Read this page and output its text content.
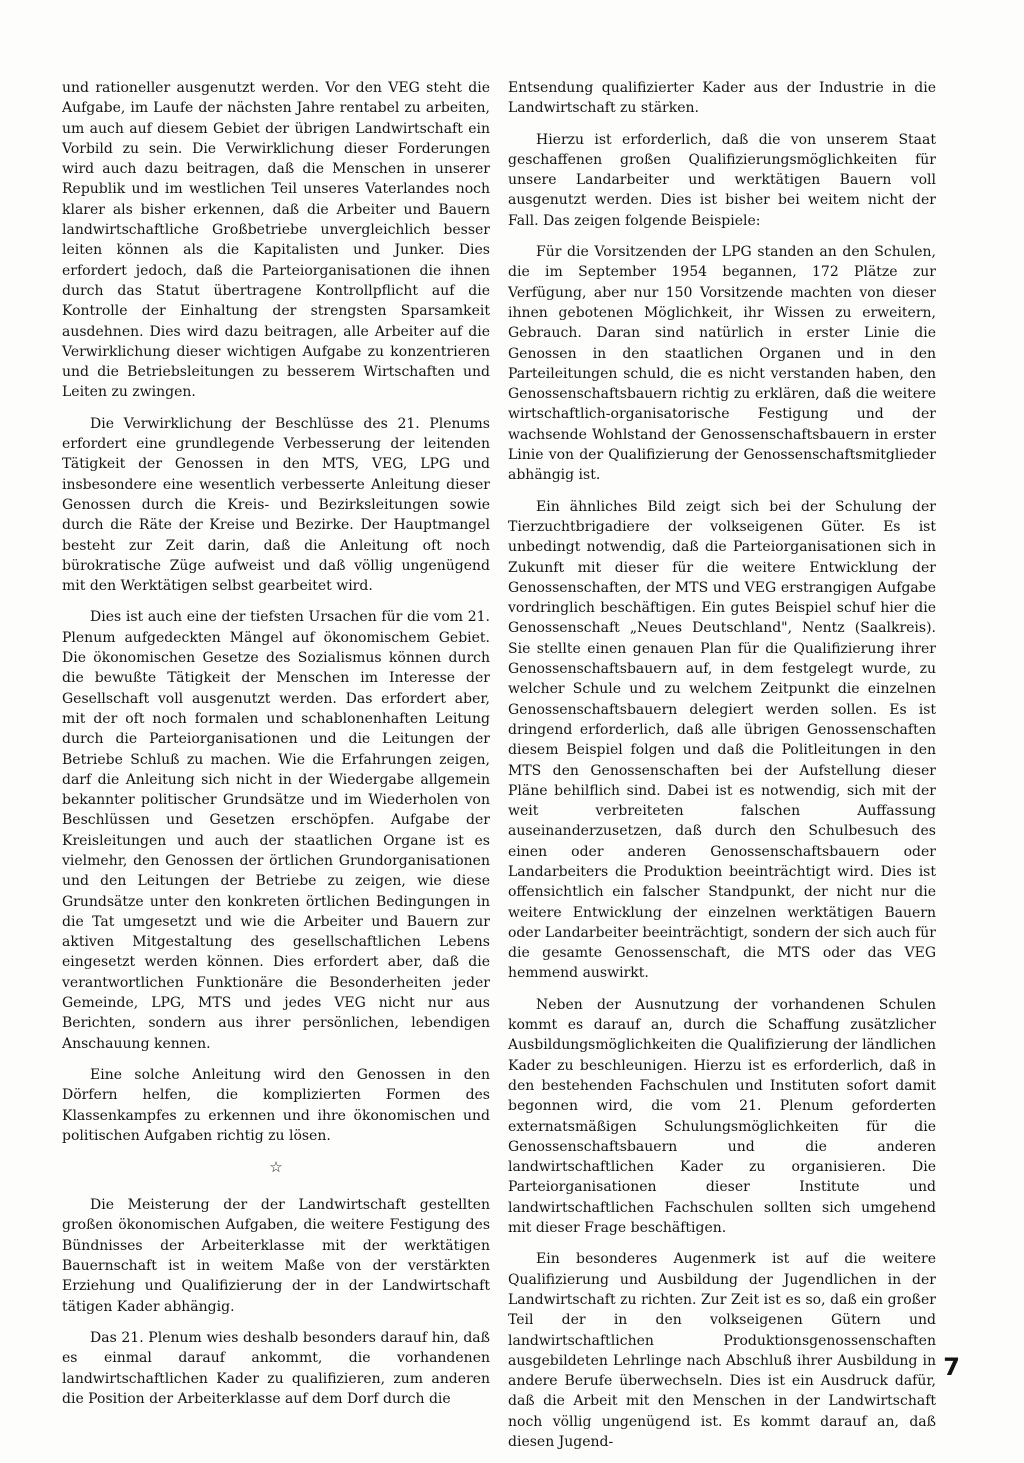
und rationeller ausgenutzt werden. Vor den VEG steht die Aufgabe, im Laufe der nächsten Jahre rentabel zu arbeiten, um auch auf diesem Gebiet der übrigen Landwirtschaft ein Vorbild zu sein. Die Verwirklichung dieser Forderungen wird auch dazu beitragen, daß die Menschen in unserer Republik und im westlichen Teil unseres Vaterlandes noch klarer als bisher erkennen, daß die Arbeiter und Bauern landwirtschaftliche Großbetriebe unvergleichlich besser leiten können als die Kapitalisten und Junker. Dies erfordert jedoch, daß die Parteiorganisationen die ihnen durch das Statut übertragene Kontrollpflicht auf die Kontrolle der Einhaltung der strengsten Sparsamkeit ausdehnen. Dies wird dazu beitragen, alle Arbeiter auf die Verwirklichung dieser wichtigen Aufgabe zu konzentrieren und die Betriebsleitungen zu besserem Wirtschaften und Leiten zu zwingen.

Die Verwirklichung der Beschlüsse des 21. Plenums erfordert eine grundlegende Verbesserung der leitenden Tätigkeit der Genossen in den MTS, VEG, LPG und insbesondere eine wesentlich verbesserte Anleitung dieser Genossen durch die Kreis- und Bezirksleitungen sowie durch die Räte der Kreise und Bezirke. Der Hauptmangel besteht zur Zeit darin, daß die Anleitung oft noch bürokratische Züge aufweist und daß völlig ungenügend mit den Werktätigen selbst gearbeitet wird.

Dies ist auch eine der tiefsten Ursachen für die vom 21. Plenum aufgedeckten Mängel auf ökonomischem Gebiet. Die ökonomischen Gesetze des Sozialismus können durch die bewußte Tätigkeit der Menschen im Interesse der Gesellschaft voll ausgenutzt werden. Das erfordert aber, mit der oft noch formalen und schablonenhaften Leitung durch die Parteiorganisationen und die Leitungen der Betriebe Schluß zu machen. Wie die Erfahrungen zeigen, darf die Anleitung sich nicht in der Wiedergabe allgemein bekannter politischer Grundsätze und im Wiederholen von Beschlüssen und Gesetzen erschöpfen. Aufgabe der Kreisleitungen und auch der staatlichen Organe ist es vielmehr, den Genossen der örtlichen Grundorganisationen und den Leitungen der Betriebe zu zeigen, wie diese Grundsätze unter den konkreten örtlichen Bedingungen in die Tat umgesetzt und wie die Arbeiter und Bauern zur aktiven Mitgestaltung des gesellschaftlichen Lebens eingesetzt werden können. Dies erfordert aber, daß die verantwortlichen Funktionäre die Besonderheiten jeder Gemeinde, LPG, MTS und jedes VEG nicht nur aus Berichten, sondern aus ihrer persönlichen, lebendigen Anschauung kennen.

Eine solche Anleitung wird den Genossen in den Dörfern helfen, die komplizierten Formen des Klassenkampfes zu erkennen und ihre ökonomischen und politischen Aufgaben richtig zu lösen.

☆

Die Meisterung der der Landwirtschaft gestellten großen ökonomischen Aufgaben, die weitere Festigung des Bündnisses der Arbeiterklasse mit der werktätigen Bauernschaft ist in weitem Maße von der verstärkten Erziehung und Qualifizierung der in der Landwirtschaft tätigen Kader abhängig.

Das 21. Plenum wies deshalb besonders darauf hin, daß es einmal darauf ankommt, die vorhandenen landwirtschaftlichen Kader zu qualifizieren, zum anderen die Position der Arbeiterklasse auf dem Dorf durch die

Entsendung qualifizierter Kader aus der Industrie in die Landwirtschaft zu stärken.

Hierzu ist erforderlich, daß die von unserem Staat geschaffenen großen Qualifizierungsmöglichkeiten für unsere Landarbeiter und werktätigen Bauern voll ausgenutzt werden. Dies ist bisher bei weitem nicht der Fall. Das zeigen folgende Beispiele:

Für die Vorsitzenden der LPG standen an den Schulen, die im September 1954 begannen, 172 Plätze zur Verfügung, aber nur 150 Vorsitzende machten von dieser ihnen gebotenen Möglichkeit, ihr Wissen zu erweitern, Gebrauch. Daran sind natürlich in erster Linie die Genossen in den staatlichen Organen und in den Parteileitungen schuld, die es nicht verstanden haben, den Genossenschaftsbauern richtig zu erklären, daß die weitere wirtschaftlich-organisatorische Festigung und der wachsende Wohlstand der Genossenschaftsbauern in erster Linie von der Qualifizierung der Genossenschaftsmitglieder abhängig ist.

Ein ähnliches Bild zeigt sich bei der Schulung der Tierzuchtbrigadiere der volkseigenen Güter. Es ist unbedingt notwendig, daß die Parteiorganisationen sich in Zukunft mit dieser für die weitere Entwicklung der Genossenschaften, der MTS und VEG erstrangigen Aufgabe vordringlich beschäftigen. Ein gutes Beispiel schuf hier die Genossenschaft „Neues Deutschland", Nentz (Saalkreis). Sie stellte einen genauen Plan für die Qualifizierung ihrer Genossenschaftsbauern auf, in dem festgelegt wurde, zu welcher Schule und zu welchem Zeitpunkt die einzelnen Genossenschaftsbauern delegiert werden sollen. Es ist dringend erforderlich, daß alle übrigen Genossenschaften diesem Beispiel folgen und daß die Politleitungen in den MTS den Genossenschaften bei der Aufstellung dieser Pläne behilflich sind. Dabei ist es notwendig, sich mit der weit verbreiteten falschen Auffassung auseinanderzusetzen, daß durch den Schulbesuch des einen oder anderen Genossenschaftsbauern oder Landarbeiters die Produktion beeinträchtigt wird. Dies ist offensichtlich ein falscher Standpunkt, der nicht nur die weitere Entwicklung der einzelnen werktätigen Bauern oder Landarbeiter beeinträchtigt, sondern der sich auch für die gesamte Genossenschaft, die MTS oder das VEG hemmend auswirkt.

Neben der Ausnutzung der vorhandenen Schulen kommt es darauf an, durch die Schaffung zusätzlicher Ausbildungsmöglichkeiten die Qualifizierung der ländlichen Kader zu beschleunigen. Hierzu ist es erforderlich, daß in den bestehenden Fachschulen und Instituten sofort damit begonnen wird, die vom 21. Plenum geforderten externatsmäßigen Schulungsmöglichkeiten für die Genossenschaftsbauern und die anderen landwirtschaftlichen Kader zu organisieren. Die Parteiorganisationen dieser Institute und landwirtschaftlichen Fachschulen sollten sich umgehend mit dieser Frage beschäftigen.

Ein besonderes Augenmerk ist auf die weitere Qualifizierung und Ausbildung der Jugendlichen in der Landwirtschaft zu richten. Zur Zeit ist es so, daß ein großer Teil der in den volkseigenen Gütern und landwirtschaftlichen Produktionsgenossenschaften ausgebildeten Lehrlinge nach Abschluß ihrer Ausbildung in andere Berufe überwechseln. Dies ist ein Ausdruck dafür, daß die Arbeit mit den Menschen in der Landwirtschaft noch völlig ungenügend ist. Es kommt darauf an, daß diesen Jugend-

7
